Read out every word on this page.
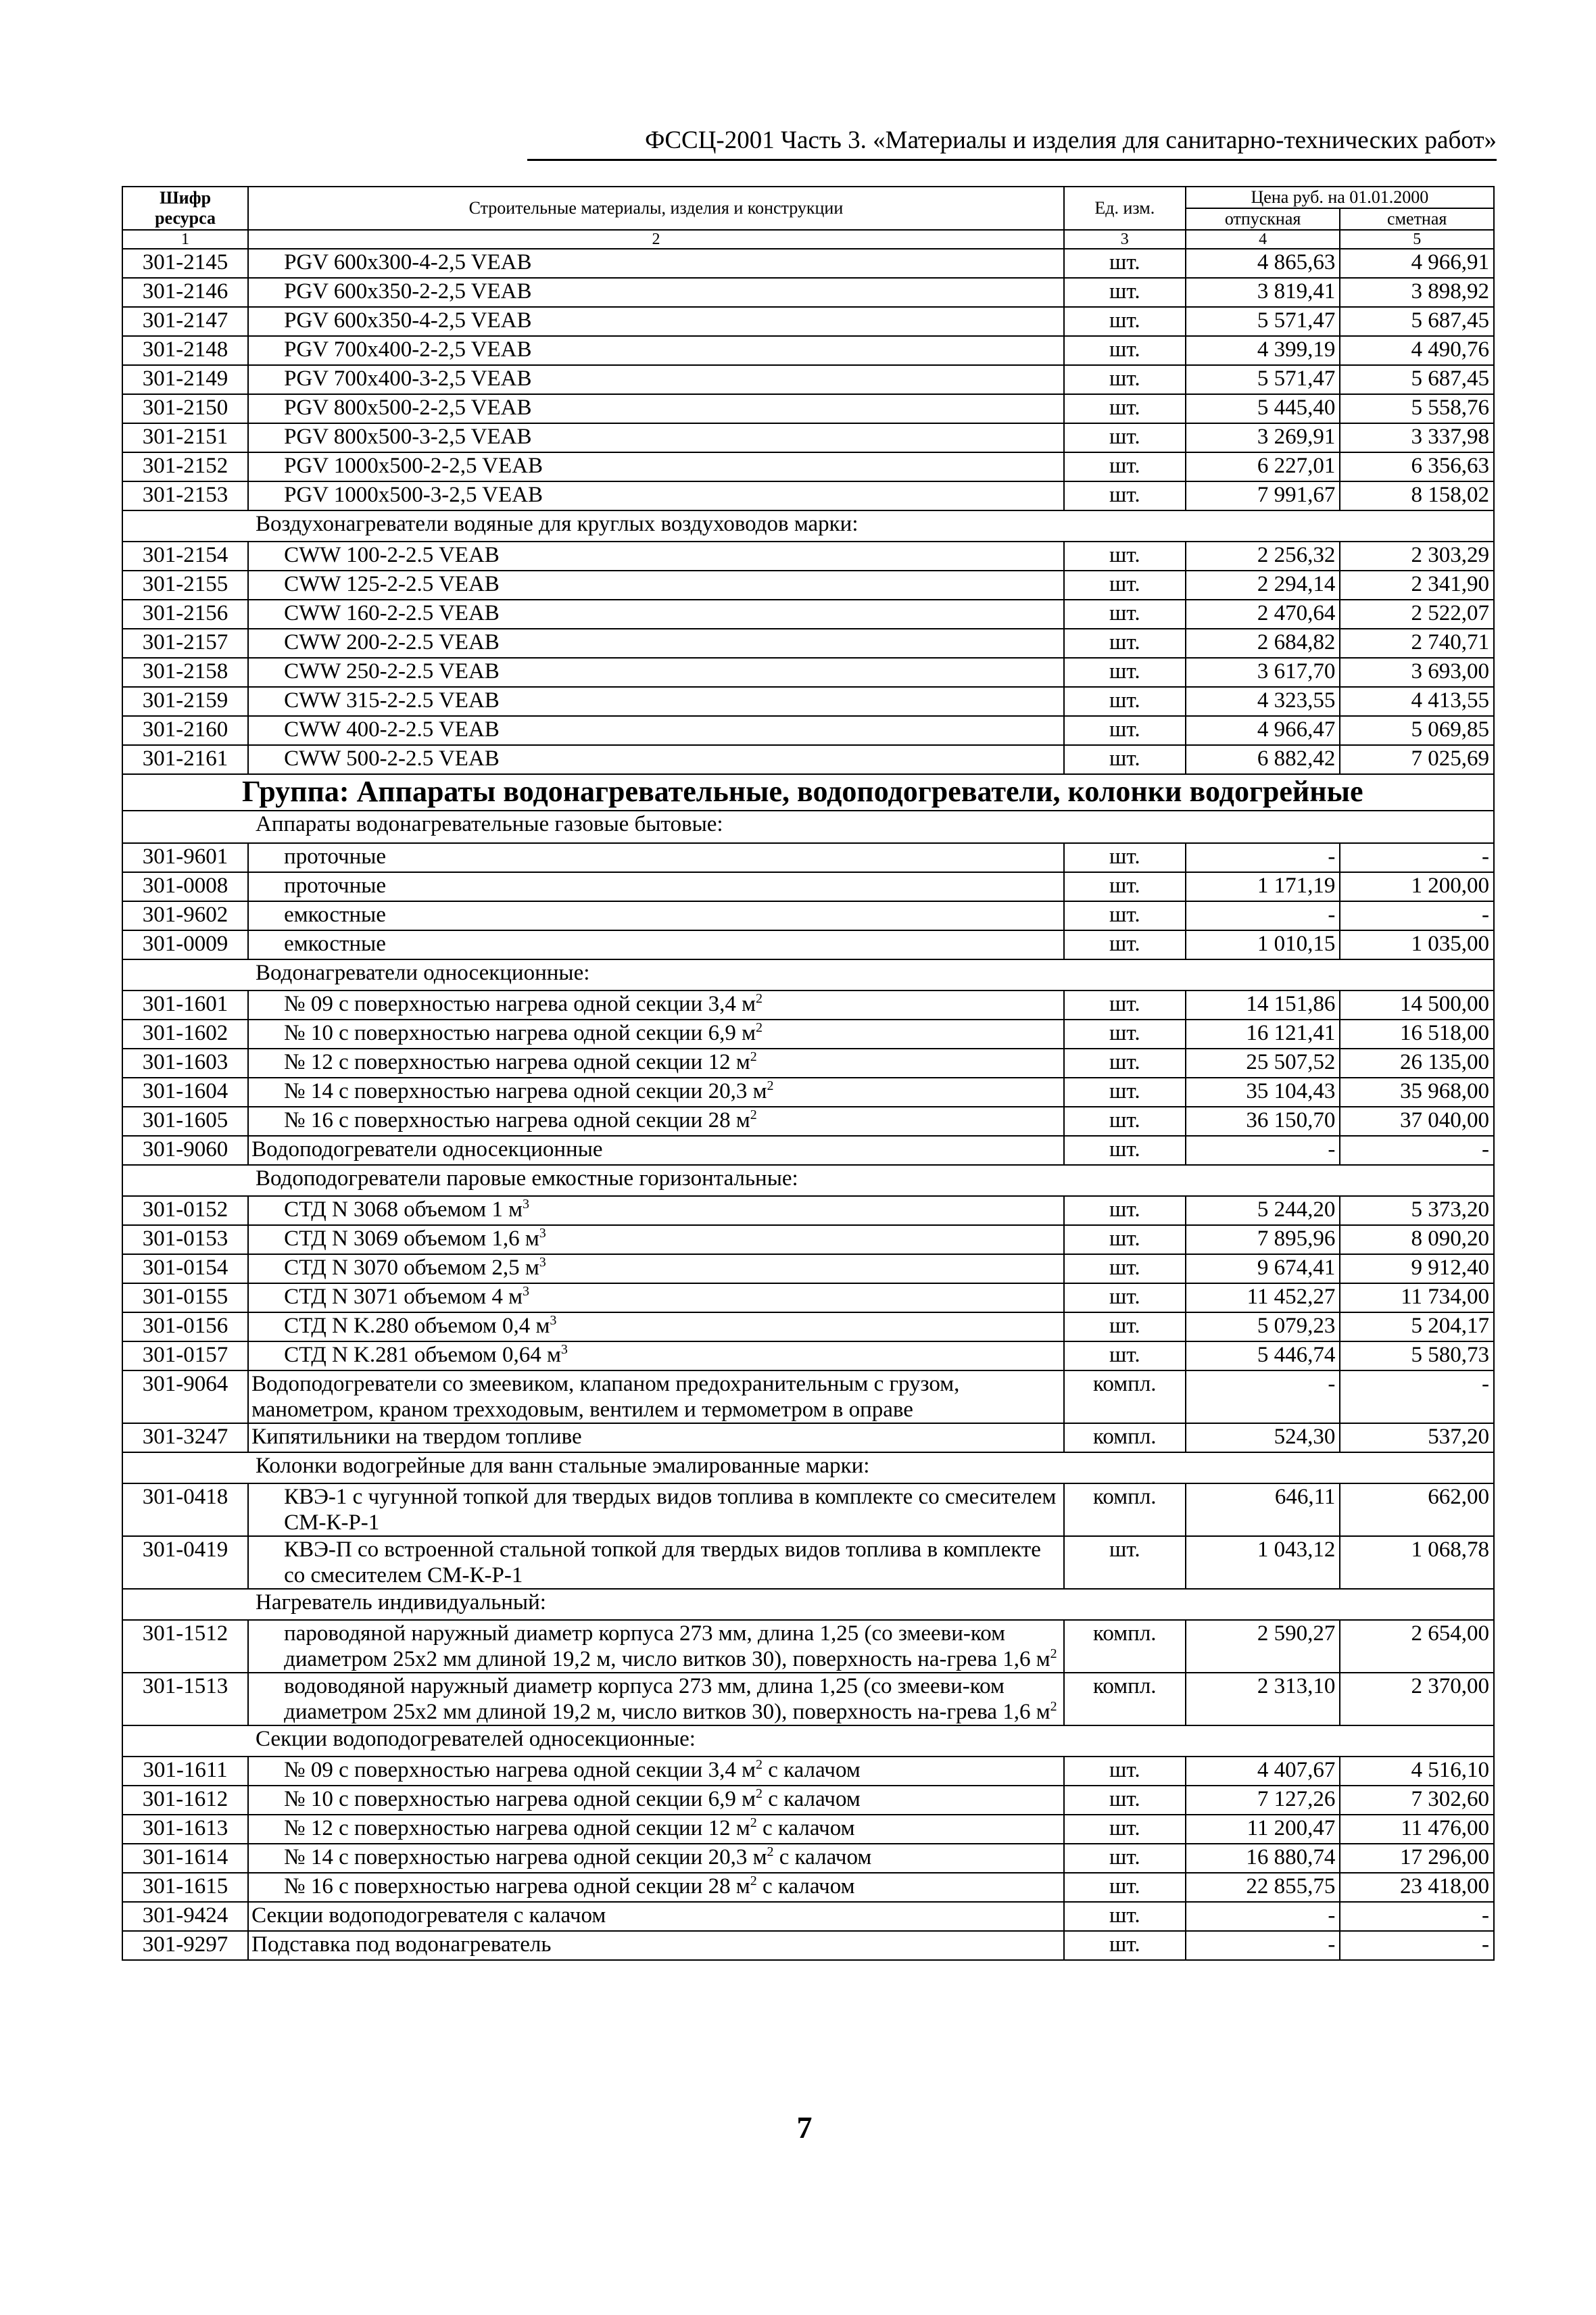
ФССЦ-2001 Часть 3. «Материалы и изделия для санитарно-технических работ»
Шифр ресурса	Строительные материалы, изделия и конструкции	Ед. изм.	Цена руб. на 01.01.2000	
			отпускная	сметная
1	2	3	4	5
301-2145	PGV 600x300-4-2,5 VEAB	шт.	4 865,63	4 966,91
301-2146	PGV 600x350-2-2,5 VEAB	шт.	3 819,41	3 898,92
301-2147	PGV 600x350-4-2,5 VEAB	шт.	5 571,47	5 687,45
301-2148	PGV 700x400-2-2,5 VEAB	шт.	4 399,19	4 490,76
301-2149	PGV 700x400-3-2,5 VEAB	шт.	5 571,47	5 687,45
301-2150	PGV 800x500-2-2,5 VEAB	шт.	5 445,40	5 558,76
301-2151	PGV 800x500-3-2,5 VEAB	шт.	3 269,91	3 337,98
301-2152	PGV 1000x500-2-2,5 VEAB	шт.	6 227,01	6 356,63
301-2153	PGV 1000x500-3-2,5 VEAB	шт.	7 991,67	8 158,02
Воздухонагреватели водяные для круглых воздуховодов марки:				
301-2154	CWW 100-2-2.5 VEAB	шт.	2 256,32	2 303,29
301-2155	CWW 125-2-2.5 VEAB	шт.	2 294,14	2 341,90
301-2156	CWW 160-2-2.5 VEAB	шт.	2 470,64	2 522,07
301-2157	CWW 200-2-2.5 VEAB	шт.	2 684,82	2 740,71
301-2158	CWW 250-2-2.5 VEAB	шт.	3 617,70	3 693,00
301-2159	CWW 315-2-2.5 VEAB	шт.	4 323,55	4 413,55
301-2160	CWW 400-2-2.5 VEAB	шт.	4 966,47	5 069,85
301-2161	CWW 500-2-2.5 VEAB	шт.	6 882,42	7 025,69
Группа: Аппараты водонагревательные, водоподогреватели, колонки водогрейные				
Аппараты водонагревательные газовые бытовые:				
301-9601	проточные	шт.	-	-
301-0008	проточные	шт.	1 171,19	1 200,00
301-9602	емкостные	шт.	-	-
301-0009	емкостные	шт.	1 010,15	1 035,00
Водонагреватели односекционные:				
301-1601	№ 09 с поверхностью нагрева одной секции 3,4 $м^2$	шт.	14 151,86	14 500,00
301-1602	№ 10 с поверхностью нагрева одной секции 6,9 $м^2$	шт.	16 121,41	16 518,00
301-1603	№ 12 с поверхностью нагрева одной секции 12 $м^2$	шт.	25 507,52	26 135,00
301-1604	№ 14 с поверхностью нагрева одной секции 20,3 $м^2$	шт.	35 104,43	35 968,00
301-1605	№ 16 с поверхностью нагрева одной секции 28 $м^2$	шт.	36 150,70	37 040,00
301-9060	Водоподогреватели односекционные	шт.	-	-
Водоподогреватели паровые емкостные горизонтальные:				
301-0152	СТД N 3068 объемом 1 $м^3$	шт.	5 244,20	5 373,20
301-0153	СТД N 3069 объемом 1,6 $м^3$	шт.	7 895,96	8 090,20
301-0154	СТД N 3070 объемом 2,5 $м^3$	шт.	9 674,41	9 912,40
301-0155	СТД N 3071 объемом 4 $м^3$	шт.	11 452,27	11 734,00
301-0156	СТД N K.280 объемом 0,4 $м^3$	шт.	5 079,23	5 204,17
301-0157	СТД N K.281 объемом 0,64 $м^3$	шт.	5 446,74	5 580,73
301-9064	Водоподогреватели со змеевиком, клапаном предохранительным с грузом, манометром, краном трехходовым, вентилем и термометром в оправе	компл.	-	-
301-3247	Кипятильники на твердом топливе	компл.	524,30	537,20
Колонки водогрейные для ванн стальные эмалированные марки:				
301-0418	КВЭ-1 с чугунной топкой для твердых видов топлива в комплекте со смесителем СМ-К-Р-1	компл.	646,11	662,00
301-0419	КВЭ-П со встроенной стальной топкой для твердых видов топлива в комплекте со смесителем СМ-К-Р-1	шт.	1 043,12	1 068,78
Нагреватель индивидуальный:				
301-1512	пароводяной наружный диаметр корпуса 273 мм, длина 1,25 (со змееви-ком диаметром 25x2 мм длиной 19,2 м, число витков 30), поверхность на-грева 1,6 $м^2$	компл.	2 590,27	2 654,00
301-1513	водоводяной наружный диаметр корпуса 273 мм, длина 1,25 (со змееви-ком диаметром 25x2 мм длиной 19,2 м, число витков 30), поверхность на-грева 1,6 $м^2$	компл.	2 313,10	2 370,00
Секции водоподогревателей односекционные:				
301-1611	№ 09 с поверхностью нагрева одной секции 3,4 $м^2$ с калачом	шт.	4 407,67	4 516,10
301-1612	№ 10 с поверхностью нагрева одной секции 6,9 $м^2$ с калачом	шт.	7 127,26	7 302,60
301-1613	№ 12 с поверхностью нагрева одной секции 12 $м^2$ с калачом	шт.	11 200,47	11 476,00
301-1614	№ 14 с поверхностью нагрева одной секции 20,3 $м^2$ с калачом	шт.	16 880,74	17 296,00
301-1615	№ 16 с поверхностью нагрева одной секции 28 $м^2$ с калачом	шт.	22 855,75	23 418,00
301-9424	Секции водоподогревателя с калачом	шт.	-	-
301-9297	Подставка под водонагреватель	шт.	-	-
7
